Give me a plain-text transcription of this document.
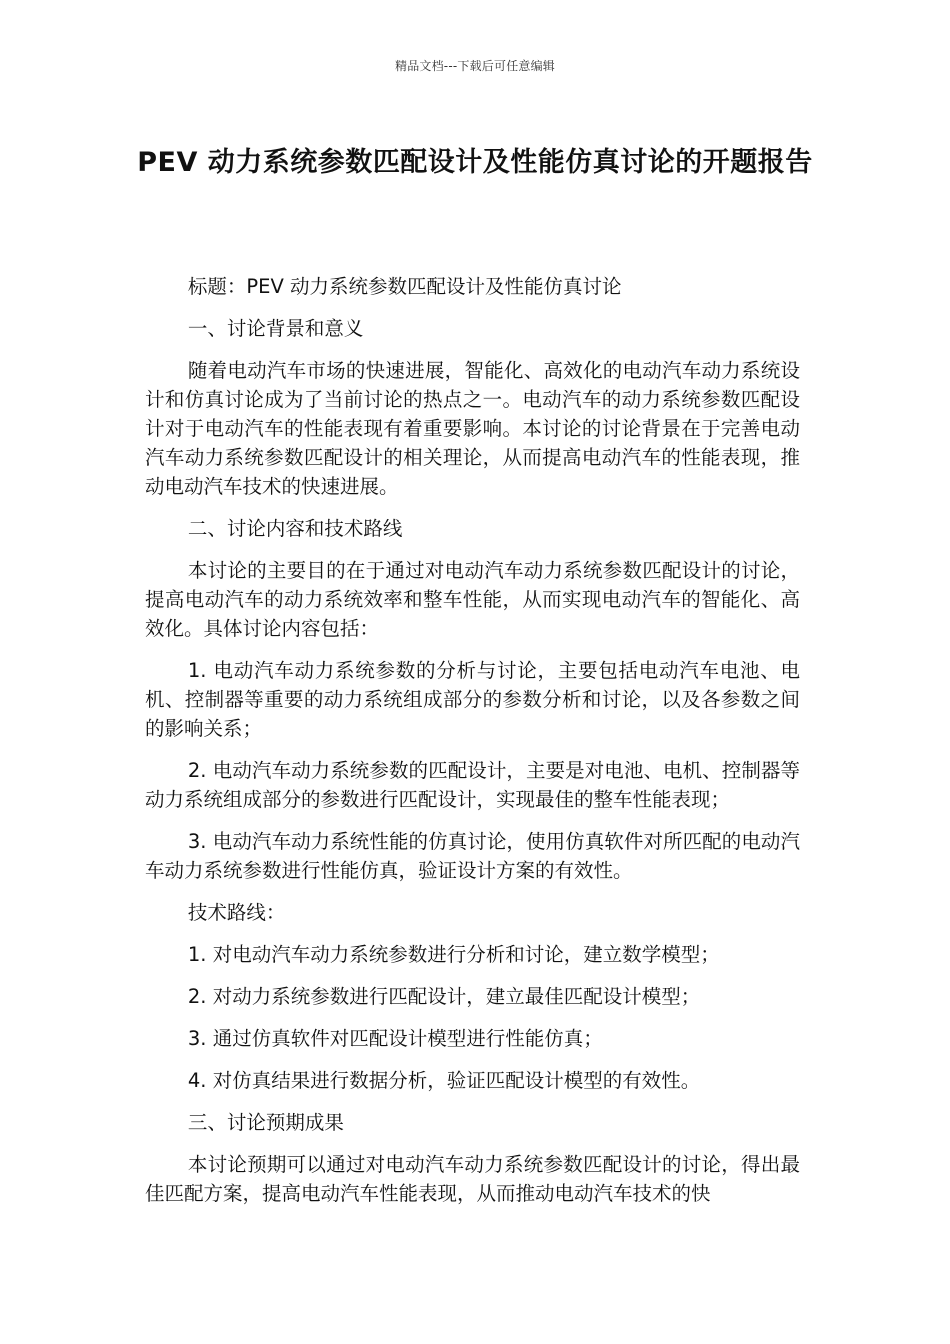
精品文档---下载后可任意编辑
PEV 动力系统参数匹配设计及性能仿真讨论的开题报告

标题：PEV 动力系统参数匹配设计及性能仿真讨论

一、讨论背景和意义

随着电动汽车市场的快速进展，智能化、高效化的电动汽车动力系统设计和仿真讨论成为了当前讨论的热点之一。电动汽车的动力系统参数匹配设计对于电动汽车的性能表现有着重要影响。本讨论的讨论背景在于完善电动汽车动力系统参数匹配设计的相关理论，从而提高电动汽车的性能表现，推动电动汽车技术的快速进展。

二、讨论内容和技术路线

本讨论的主要目的在于通过对电动汽车动力系统参数匹配设计的讨论，提高电动汽车的动力系统效率和整车性能，从而实现电动汽车的智能化、高效化。具体讨论内容包括：

1. 电动汽车动力系统参数的分析与讨论，主要包括电动汽车电池、电机、控制器等重要的动力系统组成部分的参数分析和讨论，以及各参数之间的影响关系；

2. 电动汽车动力系统参数的匹配设计，主要是对电池、电机、控制器等动力系统组成部分的参数进行匹配设计，实现最佳的整车性能表现；

3. 电动汽车动力系统性能的仿真讨论，使用仿真软件对所匹配的电动汽车动力系统参数进行性能仿真，验证设计方案的有效性。

技术路线：

1. 对电动汽车动力系统参数进行分析和讨论，建立数学模型；

2. 对动力系统参数进行匹配设计，建立最佳匹配设计模型；

3. 通过仿真软件对匹配设计模型进行性能仿真；

4. 对仿真结果进行数据分析，验证匹配设计模型的有效性。

三、讨论预期成果

本讨论预期可以通过对电动汽车动力系统参数匹配设计的讨论，得出最佳匹配方案，提高电动汽车性能表现，从而推动电动汽车技术的快
